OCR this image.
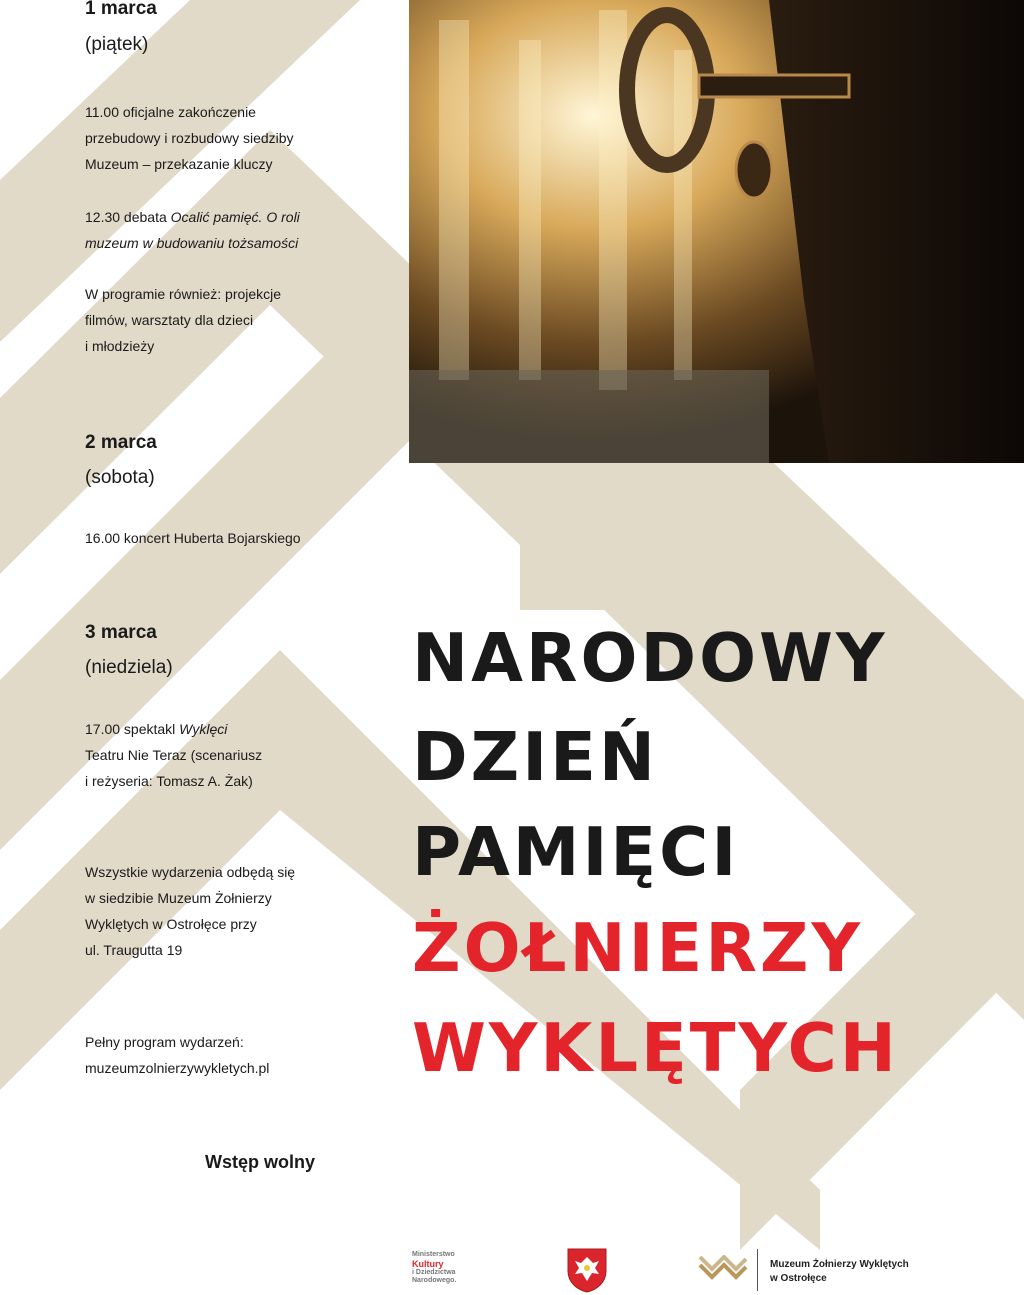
1 marca
(piątek)
11.00 oficjalne zakończenie
przebudowy i rozbudowy siedziby
Muzeum – przekazanie kluczy
12.30 debata Ocalić pamięć. O roli
muzeum w budowaniu tożsamości
W programie również: projekcje
filmów, warsztaty dla dzieci
i młodzieży
2 marca
(sobota)
16.00 koncert Huberta Bojarskiego
3 marca
(niedziela)
17.00 spektakl Wyklęci
Teatru Nie Teraz (scenariusz
i reżyseria: Tomasz A. Żak)
Wszystkie wydarzenia odbędą się
w siedzibie Muzeum Żołnierzy
Wyklętych w Ostrołęce przy
ul. Traugutta 19
Pełny program wydarzeń:
muzeumzolnierzywykletych.pl
Wstęp wolny
NARODOWY
DZIEŃ
PAMIĘCI
ŻOŁNIERZY
WYKLĘTYCH
Ministerstwo
Kultury
i Dziedzictwa
Narodowego.
Muzeum Żołnierzy Wyklętych
w Ostrołęce
